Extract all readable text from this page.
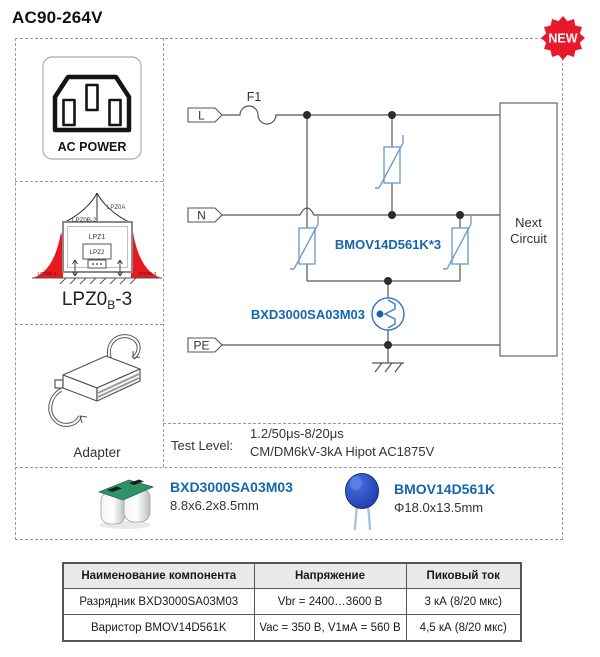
AC90-264V
NEW
AC POWER
LPZ0A
LPZ0B-2
LPZ1
LPZ2
LPZ0B-3	LPZ0B-3
$LPZ0_B-3$
Adapter
L
N
PE
F1
Next
Circuit
BMOV14D561K*3
BXD3000SA03M03
Test Level:
1.2/50μs-8/20μs
CM/DM6kV-3kA Hipot AC1875V
BXD3000SA03M03
8.8x6.2x8.5mm
BMOV14D561K
Φ18.0x13.5mm
Наименование компонента	Напряжение	Пиковый ток
Разрядник BXD3000SA03M03	Vbr = 2400…3600 В	3 кА (8/20 мкс)
Варистор BMOV14D561K	Vac = 350 В, V1мА = 560 В	4,5 кА (8/20 мкс)
